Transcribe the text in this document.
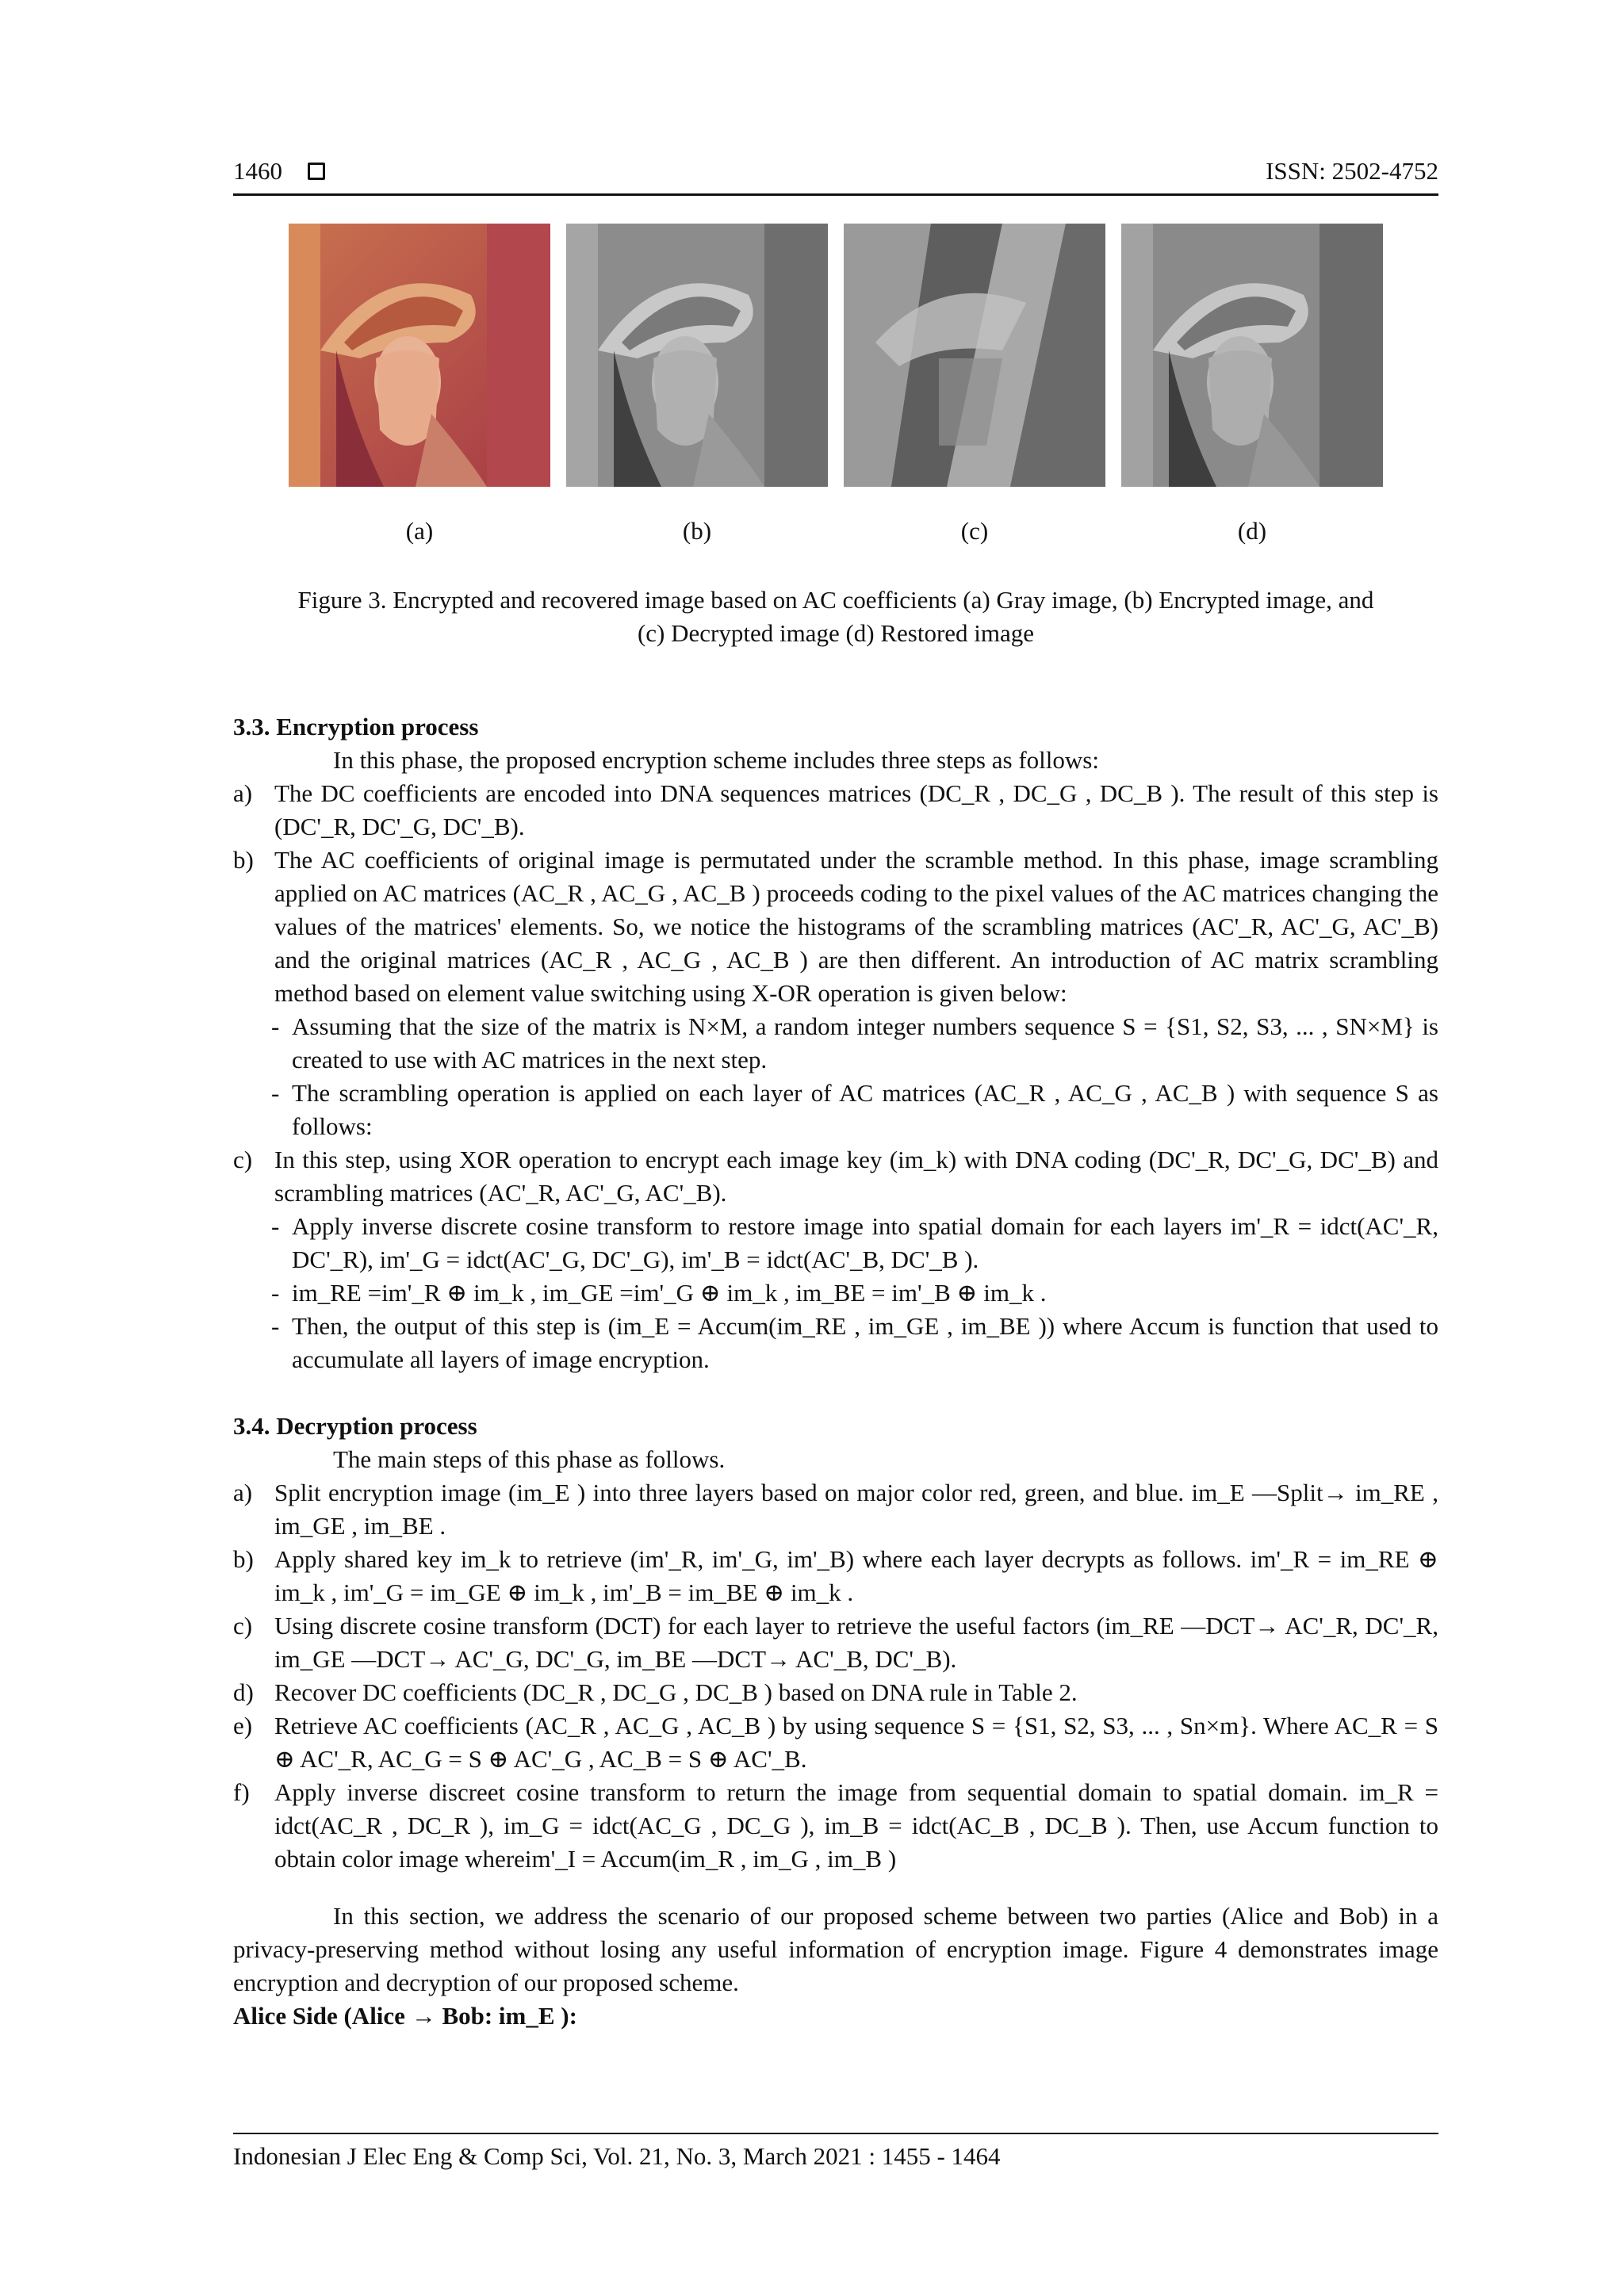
1460	ISSN: 2502-4752
(a)	(b)	(c)	(d)
Figure 3. Encrypted and recovered image based on AC coefficients (a) Gray image, (b) Encrypted image, and
(c) Decrypted image (d) Restored image

3.3. Encryption process

In this phase, the proposed encryption scheme includes three steps as follows:

a) The DC coefficients are encoded into DNA sequences matrices (DC_R , DC_G , DC_B ). The result of this step is (DC'_R, DC'_G, DC'_B).

b) The AC coefficients of original image is permutated under the scramble method. In this phase, image scrambling applied on AC matrices (AC_R , AC_G , AC_B ) proceeds coding to the pixel values of the AC matrices changing the values of the matrices' elements. So, we notice the histograms of the scrambling matrices (AC'_R, AC'_G, AC'_B) and the original matrices (AC_R , AC_G , AC_B ) are then different. An introduction of AC matrix scrambling method based on element value switching using X-OR operation is given below:

- Assuming that the size of the matrix is N×M, a random integer numbers sequence S = {S1, S2, S3, ... , SN×M} is created to use with AC matrices in the next step.

- The scrambling operation is applied on each layer of AC matrices (AC_R , AC_G , AC_B ) with sequence S as follows:

c) In this step, using XOR operation to encrypt each image key (im_k) with DNA coding (DC'_R, DC'_G, DC'_B) and scrambling matrices (AC'_R, AC'_G, AC'_B).

- Apply inverse discrete cosine transform to restore image into spatial domain for each layers im'_R = idct(AC'_R, DC'_R), im'_G = idct(AC'_G, DC'_G), im'_B = idct(AC'_B, DC'_B ).

- im_RE =im'_R ⊕ im_k , im_GE =im'_G ⊕ im_k , im_BE = im'_B ⊕ im_k .

- Then, the output of this step is (im_E = Accum(im_RE , im_GE , im_BE )) where Accum is function that used to accumulate all layers of image encryption.

3.4. Decryption process

The main steps of this phase as follows.

a) Split encryption image (im_E ) into three layers based on major color red, green, and blue. im_E —Split→ im_RE , im_GE , im_BE .

b) Apply shared key im_k to retrieve (im'_R, im'_G, im'_B) where each layer decrypts as follows. im'_R = im_RE ⊕ im_k , im'_G = im_GE ⊕ im_k , im'_B = im_BE ⊕ im_k .

c) Using discrete cosine transform (DCT) for each layer to retrieve the useful factors (im_RE —DCT→ AC'_R, DC'_R, im_GE —DCT→ AC'_G, DC'_G, im_BE —DCT→ AC'_B, DC'_B).

d) Recover DC coefficients (DC_R , DC_G , DC_B ) based on DNA rule in Table 2.

e) Retrieve AC coefficients (AC_R , AC_G , AC_B ) by using sequence S = {S1, S2, S3, ... , Sn×m}. Where AC_R = S ⊕ AC'_R, AC_G = S ⊕ AC'_G , AC_B = S ⊕ AC'_B.

f) Apply inverse discreet cosine transform to return the image from sequential domain to spatial domain. im_R = idct(AC_R , DC_R ), im_G = idct(AC_G , DC_G ), im_B = idct(AC_B , DC_B ). Then, use Accum function to obtain color image whereim'_I = Accum(im_R , im_G , im_B )

In this section, we address the scenario of our proposed scheme between two parties (Alice and Bob) in a privacy-preserving method without losing any useful information of encryption image. Figure 4 demonstrates image encryption and decryption of our proposed scheme.

Alice Side (Alice → Bob: im_E ):

Indonesian J Elec Eng & Comp Sci, Vol. 21, No. 3, March 2021 : 1455 - 1464
